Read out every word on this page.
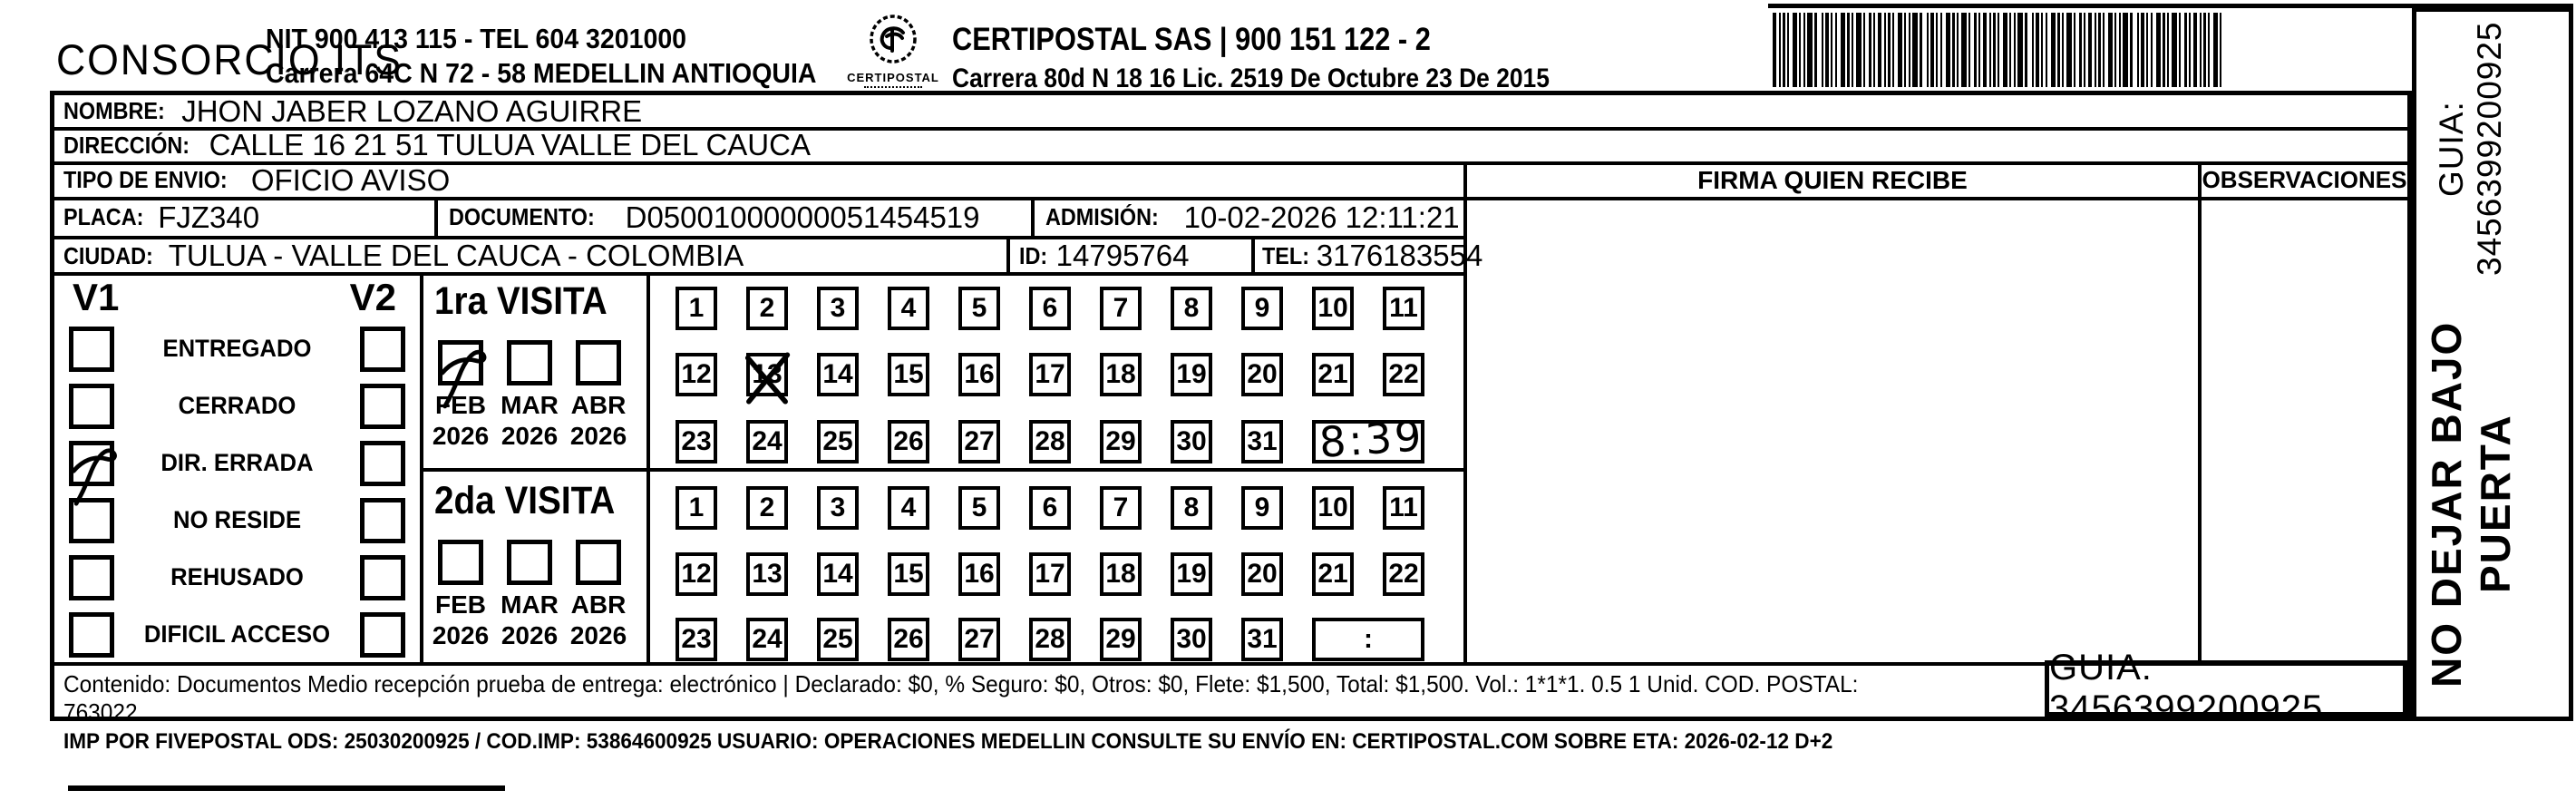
CONSORCIO ITS
NIT 900 413 115 - TEL 604 3201000
Carrera 64C N 72 - 58 MEDELLIN ANTIOQUIA	CERTIPOSTAL
CERTIPOSTAL SAS | 900 151 122 - 2
Carrera 80d N 18 16 Lic. 2519 De Octubre 23 De 2015
NOMBRE: JHON JABER LOZANO AGUIRRE
DIRECCIÓN: CALLE 16 21 51 TULUA VALLE DEL CAUCA
TIPO DE ENVIO: OFICIO AVISO	FIRMA QUIEN RECIBE	OBSERVACIONES
PLACA: FJZ340	DOCUMENTO: D05001000000051454519	ADMISIÓN: 10-02-2026 12:11:21
CIUDAD: TULUA - VALLE DEL CAUCA - COLOMBIA	ID: 14795764	TEL: 3176183554
V1	V2
ENTREGADO
CERRADO
DIR. ERRADA
NO RESIDE
REHUSADO
DIFICIL ACCESO
1ra VISITA
FEB
2026
MAR
2026
ABR
2026
2da VISITA
FEB
2026
MAR
2026
ABR
2026
1	2	3	4	5	6	7	8	9	10 11
12 13 14 15 16 17 18 19 20 21 22
23 24 25 26 27 28 29 30 31 8:39
1	2	3	4	5	6	7	8	9	10 11
12 13 14 15 16 17 18 19 20 21 22
23 24 25 26 27 28 29 30 31	:
Contenido: Documentos Medio recepción prueba de entrega: electrónico | Declarado: $0, % Seguro: $0, Otros: $0, Flete: $1,500, Total: $1,500. Vol.: 1*1*1. 0.5 1 Unid. COD. POSTAL: 763022
IMP POR FIVEPOSTAL ODS: 25030200925 / COD.IMP: 53864600925 USUARIO: OPERACIONES MEDELLIN CONSULTE SU ENVÍO EN: CERTIPOSTAL.COM SOBRE ETA: 2026-02-12 D+2
GUIA: 3456399200925
NO DEJAR BAJO PUERTA
GUIA: 3456399200925
